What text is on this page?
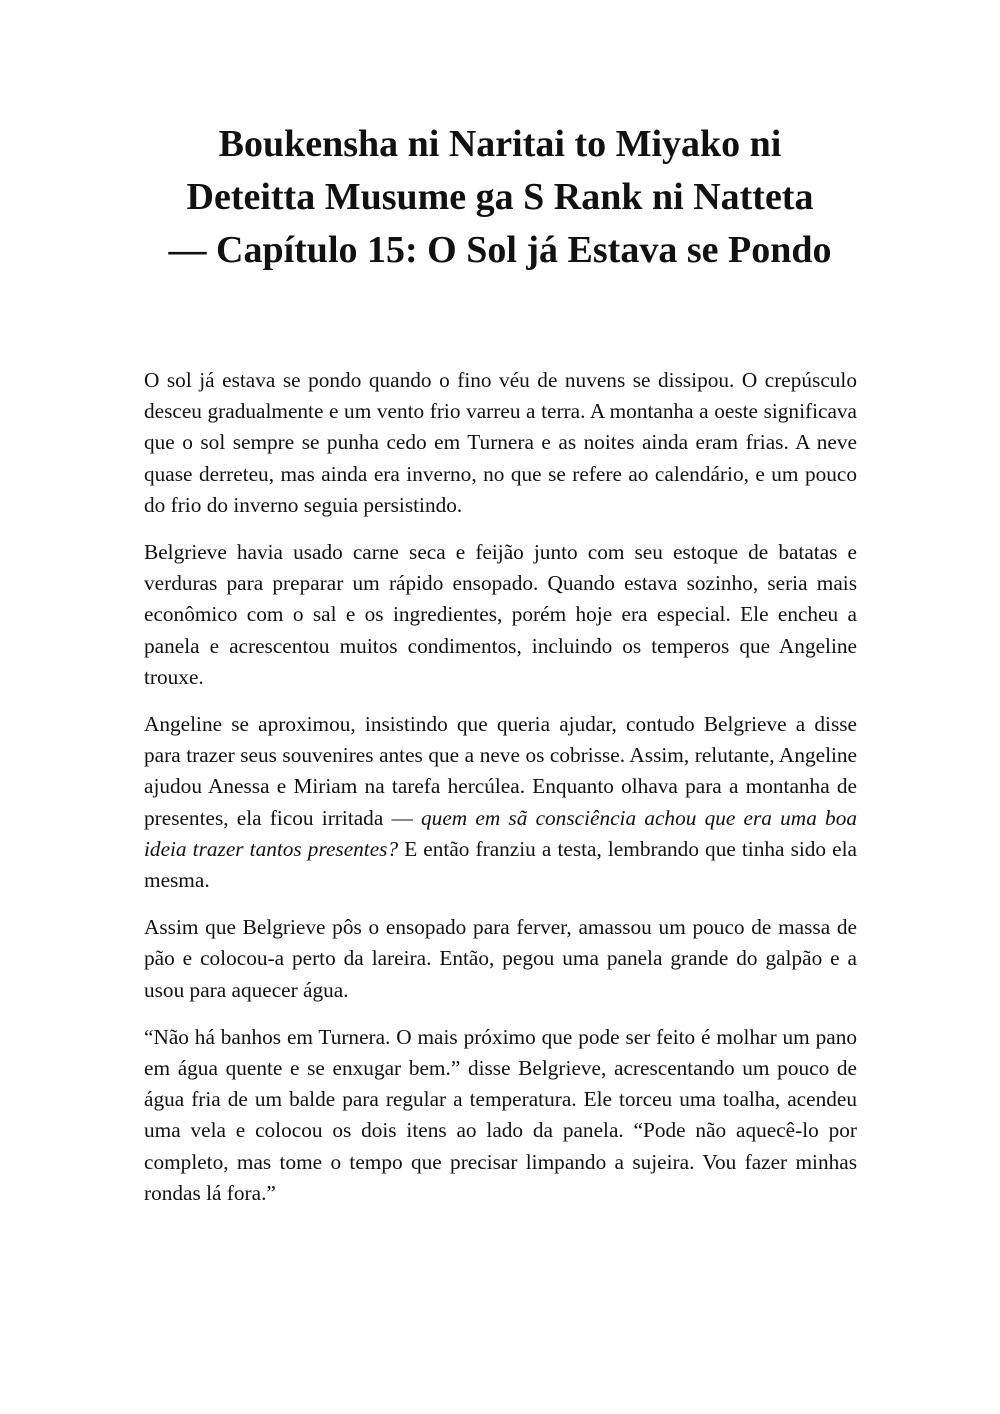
Boukensha ni Naritai to Miyako ni
Deteitta Musume ga S Rank ni Natteta
— Capítulo 15: O Sol já Estava se Pondo

O sol já estava se pondo quando o fino véu de nuvens se dissipou. O crepúsculo desceu gradualmente e um vento frio varreu a terra. A montanha a oeste significava que o sol sempre se punha cedo em Turnera e as noites ainda eram frias. A neve quase derreteu, mas ainda era inverno, no que se refere ao calendário, e um pouco do frio do inverno seguia persistindo.

Belgrieve havia usado carne seca e feijão junto com seu estoque de batatas e verduras para preparar um rápido ensopado. Quando estava sozinho, seria mais econômico com o sal e os ingredientes, porém hoje era especial. Ele encheu a panela e acrescentou muitos condimentos, incluindo os temperos que Angeline trouxe.

Angeline se aproximou, insistindo que queria ajudar, contudo Belgrieve a disse para trazer seus souvenires antes que a neve os cobrisse. Assim, relutante, Angeline ajudou Anessa e Miriam na tarefa hercúlea. Enquanto olhava para a montanha de presentes, ela ficou irritada — quem em sã consciência achou que era uma boa ideia trazer tantos presentes? E então franziu a testa, lembrando que tinha sido ela mesma.

Assim que Belgrieve pôs o ensopado para ferver, amassou um pouco de massa de pão e colocou-a perto da lareira. Então, pegou uma panela grande do galpão e a usou para aquecer água.

“Não há banhos em Turnera. O mais próximo que pode ser feito é molhar um pano em água quente e se enxugar bem.” disse Belgrieve, acrescentando um pouco de água fria de um balde para regular a temperatura. Ele torceu uma toalha, acendeu uma vela e colocou os dois itens ao lado da panela. “Pode não aquecê-lo por completo, mas tome o tempo que precisar limpando a sujeira. Vou fazer minhas rondas lá fora.”
